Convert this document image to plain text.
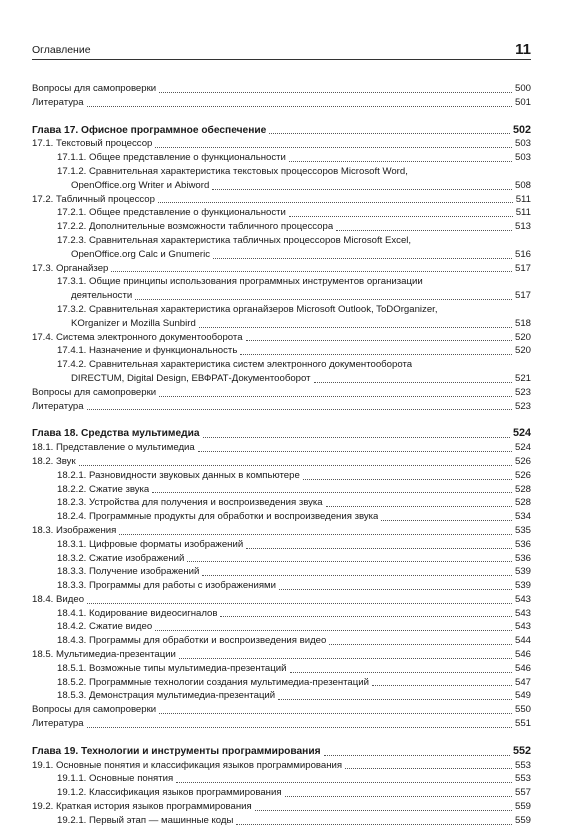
Оглавление	11
Вопросы для самопроверки	500
Литература	501
Глава 17. Офисное программное обеспечение	502
17.1. Текстовый процессор	503
17.1.1. Общее представление о функциональности	503
17.1.2. Сравнительная характеристика текстовых процессоров Microsoft Word,
OpenOffice.org Writer и Abiword	508
17.2. Табличный процессор	511
17.2.1. Общее представление о функциональности	511
17.2.2. Дополнительные возможности табличного процессора	513
17.2.3. Сравнительная характеристика табличных процессоров Microsoft Excel,
OpenOffice.org Calc и Gnumeric	516
17.3. Органайзер	517
17.3.1. Общие принципы использования программных инструментов организации
деятельности	517
17.3.2. Сравнительная характеристика органайзеров Microsoft Outlook, ToDOrganizer,
KOrganizer и Mozilla Sunbird	518
17.4. Система электронного документооборота	520
17.4.1. Назначение и функциональность	520
17.4.2. Сравнительная характеристика систем электронного документооборота
DIRECTUM, Digital Design, ЕВФРАТ-Документооборот	521
Вопросы для самопроверки	523
Литература	523
Глава 18. Средства мультимедиа	524
18.1. Представление о мультимедиа	524
18.2. Звук	526
18.2.1. Разновидности звуковых данных в компьютере	526
18.2.2. Сжатие звука	528
18.2.3. Устройства для получения и воспроизведения звука	528
18.2.4. Программные продукты для обработки и воспроизведения звука	534
18.3. Изображения	535
18.3.1. Цифровые форматы изображений	536
18.3.2. Сжатие изображений	536
18.3.3. Получение изображений	539
18.3.3. Программы для работы с изображениями	539
18.4. Видео	543
18.4.1. Кодирование видеосигналов	543
18.4.2. Сжатие видео	543
18.4.3. Программы для обработки и воспроизведения видео	544
18.5. Мультимедиа-презентации	546
18.5.1. Возможные типы мультимедиа-презентаций	546
18.5.2. Программные технологии создания мультимедиа-презентаций	547
18.5.3. Демонстрация мультимедиа-презентаций	549
Вопросы для самопроверки	550
Литература	551
Глава 19. Технологии и инструменты программирования	552
19.1. Основные понятия и классификация языков программирования	553
19.1.1. Основные понятия	553
19.1.2. Классификация языков программирования	557
19.2. Краткая история языков программирования	559
19.2.1. Первый этап — машинные коды	559
